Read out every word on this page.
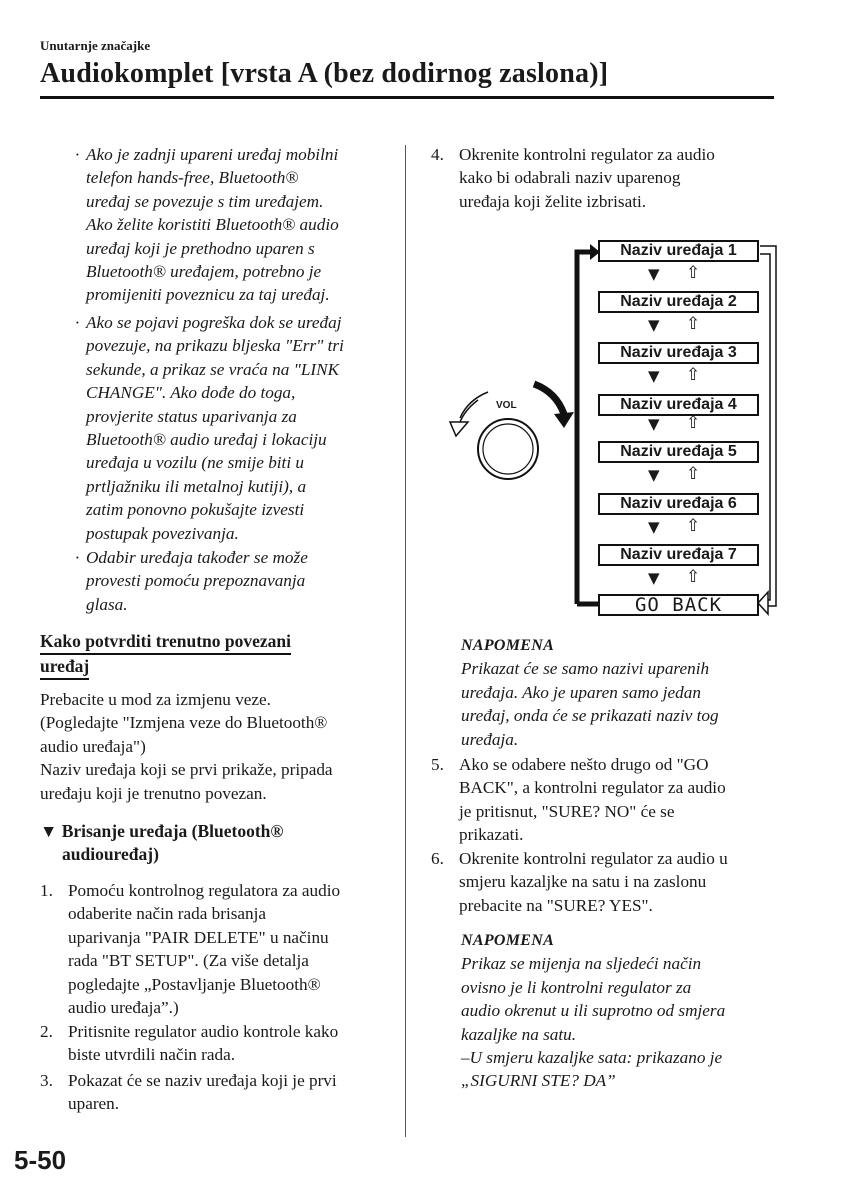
Unutarnje značajke
Audiokomplet [vrsta A (bez dodirnog zaslona)]
· Ako je zadnji upareni uređaj mobilni
telefon hands-free, Bluetooth®
uređaj se povezuje s tim uređajem.
Ako želite koristiti Bluetooth® audio
uređaj koji je prethodno uparen s
Bluetooth® uređajem, potrebno je
promijeniti poveznicu za taj uređaj.
· Ako se pojavi pogreška dok se uređaj
povezuje, na prikazu bljeska "Err" tri
sekunde, a prikaz se vraća na "LINK
CHANGE". Ako dođe do toga,
provjerite status uparivanja za
Bluetooth® audio uređaj i lokaciju
uređaja u vozilu (ne smije biti u
prtljažniku ili metalnoj kutiji), a
zatim ponovno pokušajte izvesti
postupak povezivanja.
· Odabir uređaja također se može
provesti pomoću prepoznavanja
glasa.
Kako potvrditi trenutno povezani
uređaj
Prebacite u mod za izmjenu veze.
(Pogledajte "Izmjena veze do Bluetooth®
audio uređaja")
Naziv uređaja koji se prvi prikaže, pripada
uređaju koji je trenutno povezan.
▼ Brisanje uređaja (Bluetooth®
audiouređaj)
1. Pomoću kontrolnog regulatora za audio
odaberite način rada brisanja
uparivanja "PAIR DELETE" u načinu
rada "BT SETUP". (Za više detalja
pogledajte „Postavljanje Bluetooth®
audio uređaja”.)
2. Pritisnite regulator audio kontrole kako
biste utvrdili način rada.
3. Pokazat će se naziv uređaja koji je prvi
uparen.
4. Okrenite kontrolni regulator za audio
kako bi odabrali naziv uparenog
uređaja koji želite izbrisati.
VOL
Naziv uređaja 1
Naziv uređaja 2
Naziv uređaja 3
Naziv uređaja 4
Naziv uređaja 5
Naziv uređaja 6
Naziv uređaja 7
GO BACK
▼ ⇧
▼ ⇧
▼ ⇧
▼ ⇧
▼ ⇧
▼ ⇧
▼ ⇧
NAPOMENA
Prikazat će se samo nazivi uparenih
uređaja. Ako je uparen samo jedan
uređaj, onda će se prikazati naziv tog
uređaja.
5. Ako se odabere nešto drugo od "GO
BACK", a kontrolni regulator za audio
je pritisnut, "SURE? NO" će se
prikazati.
6. Okrenite kontrolni regulator za audio u
smjeru kazaljke na satu i na zaslonu
prebacite na "SURE? YES".
NAPOMENA
Prikaz se mijenja na sljedeći način
ovisno je li kontrolni regulator za
audio okrenut u ili suprotno od smjera
kazaljke na satu.
–U smjeru kazaljke sata: prikazano je
„SIGURNI STE? DA”
5-50
